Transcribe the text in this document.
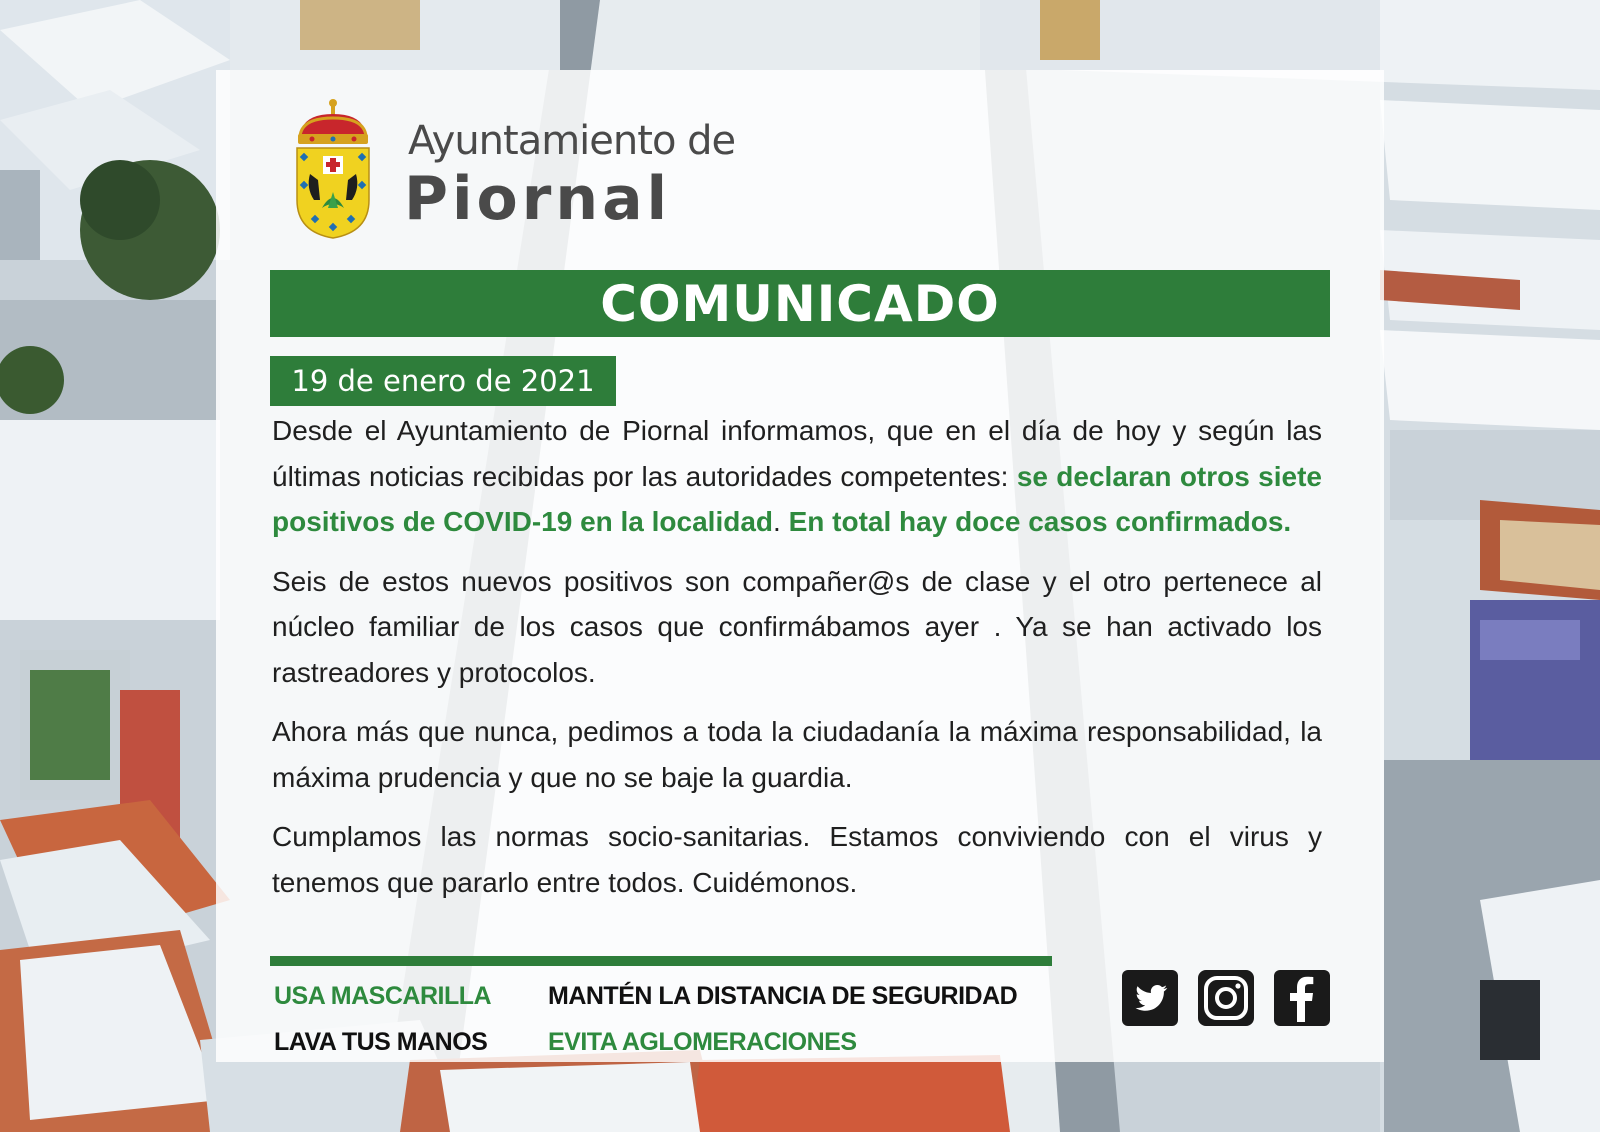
Ayuntamiento de
Piornal
COMUNICADO
19 de enero de 2021

Desde el Ayuntamiento de Piornal informamos, que en el día de hoy y según las últimas noticias recibidas por las autoridades competentes: se declaran otros siete positivos de COVID-19 en la localidad. En total hay doce casos confirmados.

Seis de estos nuevos positivos son compañer@s de clase y el otro pertenece al núcleo familiar de los casos que confirmábamos ayer . Ya se han activado los rastreadores y protocolos.

Ahora más que nunca, pedimos a toda la ciudadanía la máxima responsabilidad, la máxima prudencia y que no se baje la guardia.

Cumplamos las normas socio-sanitarias. Estamos conviviendo con el virus y tenemos que pararlo entre todos. Cuidémonos.

USA MASCARILLA MANTÉN LA DISTANCIA DE SEGURIDAD
LAVA TUS MANOS EVITA AGLOMERACIONES
